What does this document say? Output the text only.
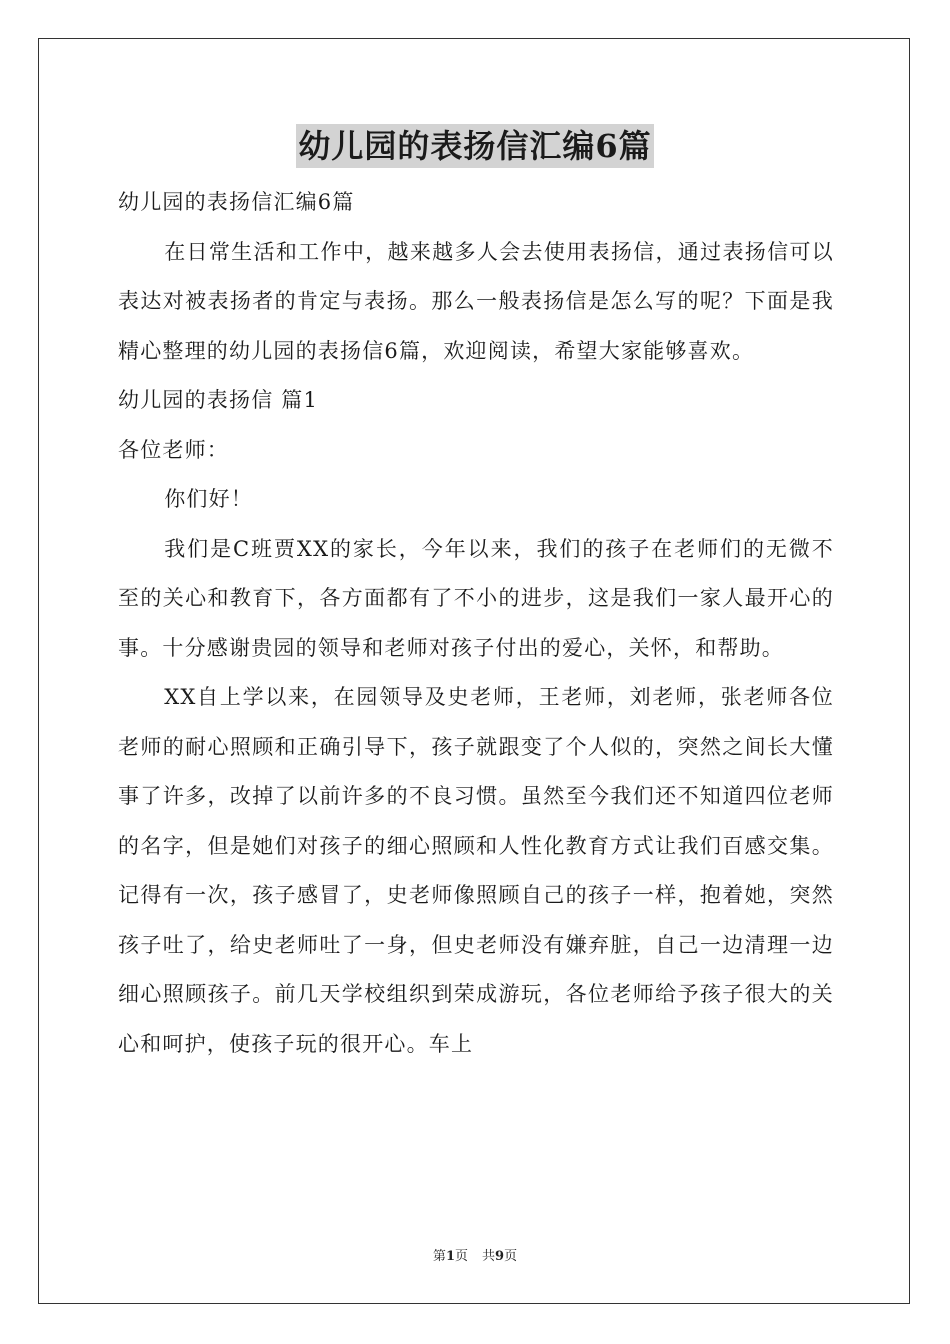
幼儿园的表扬信汇编6篇

幼儿园的表扬信汇编6篇

在日常生活和工作中，越来越多人会去使用表扬信，通过表扬信可以表达对被表扬者的肯定与表扬。那么一般表扬信是怎么写的呢？下面是我精心整理的幼儿园的表扬信6篇，欢迎阅读，希望大家能够喜欢。

幼儿园的表扬信 篇1

各位老师：

你们好！

我们是C班贾XX的家长，今年以来，我们的孩子在老师们的无微不至的关心和教育下，各方面都有了不小的进步，这是我们一家人最开心的事。十分感谢贵园的领导和老师对孩子付出的爱心，关怀，和帮助。

XX自上学以来，在园领导及史老师，王老师，刘老师，张老师各位老师的耐心照顾和正确引导下，孩子就跟变了个人似的，突然之间长大懂事了许多，改掉了以前许多的不良习惯。虽然至今我们还不知道四位老师的名字，但是她们对孩子的细心照顾和人性化教育方式让我们百感交集。记得有一次，孩子感冒了，史老师像照顾自己的孩子一样，抱着她，突然孩子吐了，给史老师吐了一身，但史老师没有嫌弃脏，自己一边清理一边细心照顾孩子。前几天学校组织到荣成游玩，各位老师给予孩子很大的关心和呵护，使孩子玩的很开心。车上

第1页 共9页
